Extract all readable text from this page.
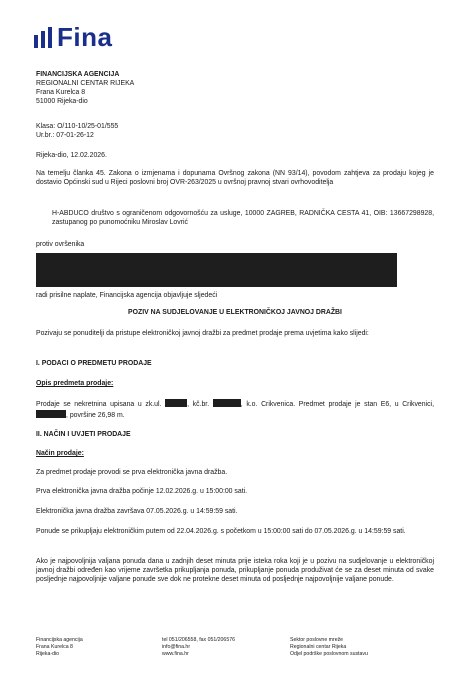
Fina
FINANCIJSKA AGENCIJA
REGIONALNI CENTAR RIJEKA
Frana Kurelca 8
51000 Rijeka-dio
Klasa: O/110-10/25-01/555
Ur.br.: 07-01-26-12
Rijeka-dio, 12.02.2026.
Na temelju članka 45. Zakona o izmjenama i dopunama Ovršnog zakona (NN 93/14), povodom zahtjeva za prodaju kojeg je dostavio Općinski sud u Rijeci poslovni broj OVR-263/2025 u ovršnoj pravnoj stvari ovrhovoditelja
H-ABDUCO društvo s ograničenom odgovornošću za usluge, 10000 ZAGREB, RADNIČKA CESTA 41, OIB: 13667298928, zastupanog po punomoćniku Miroslav Lovrić
protiv ovršenika
radi prisilne naplate, Financijska agencija objavljuje sljedeći
POZIV NA SUDJELOVANJE U ELEKTRONIČKOJ JAVNOJ DRAŽBI
Pozivaju se ponuditelji da pristupe elektroničkoj javnoj dražbi za predmet prodaje prema uvjetima kako slijedi:
I. PODACI O PREDMETU PRODAJE
Opis predmeta prodaje:
Prodaje se nekretnina upisana u zk.ul.	, kč.br.	, k.o. Crikvenica. Predmet prodaje je stan E6, u Crikvenici, , površine 26,98 m.
II. NAČIN I UVJETI PRODAJE
Način prodaje:
Za predmet prodaje provodi se prva elektronička javna dražba.
Prva elektronička javna dražba počinje 12.02.2026.g. u 15:00:00 sati.
Elektronička javna dražba završava 07.05.2026.g. u 14:59:59 sati.
Ponude se prikupljaju elektroničkim putem od 22.04.2026.g. s početkom u 15:00:00 sati do 07.05.2026.g. u 14:59:59 sati.
Ako je najpovoljnija valjana ponuda dana u zadnjih deset minuta prije isteka roka koji je u pozivu na sudjelovanje u elektroničkoj javnoj dražbi određen kao vrijeme završetka prikupljanja ponuda, prikupljanje ponuda produživat će se za deset minuta od svake posljednje najpovoljnije valjane ponude sve dok ne protekne deset minuta od posljednje najpovoljnije valjane ponude.
Financijska agencija
Frana Kurelca 8
Rijeka-dio
tel 051/206558, fax 051/206576
info@fina.hr
www.fina.hr
Sektor poslovne mreže
Regionalni centar Rijeka
Odjel podrške poslovnom sustavu
